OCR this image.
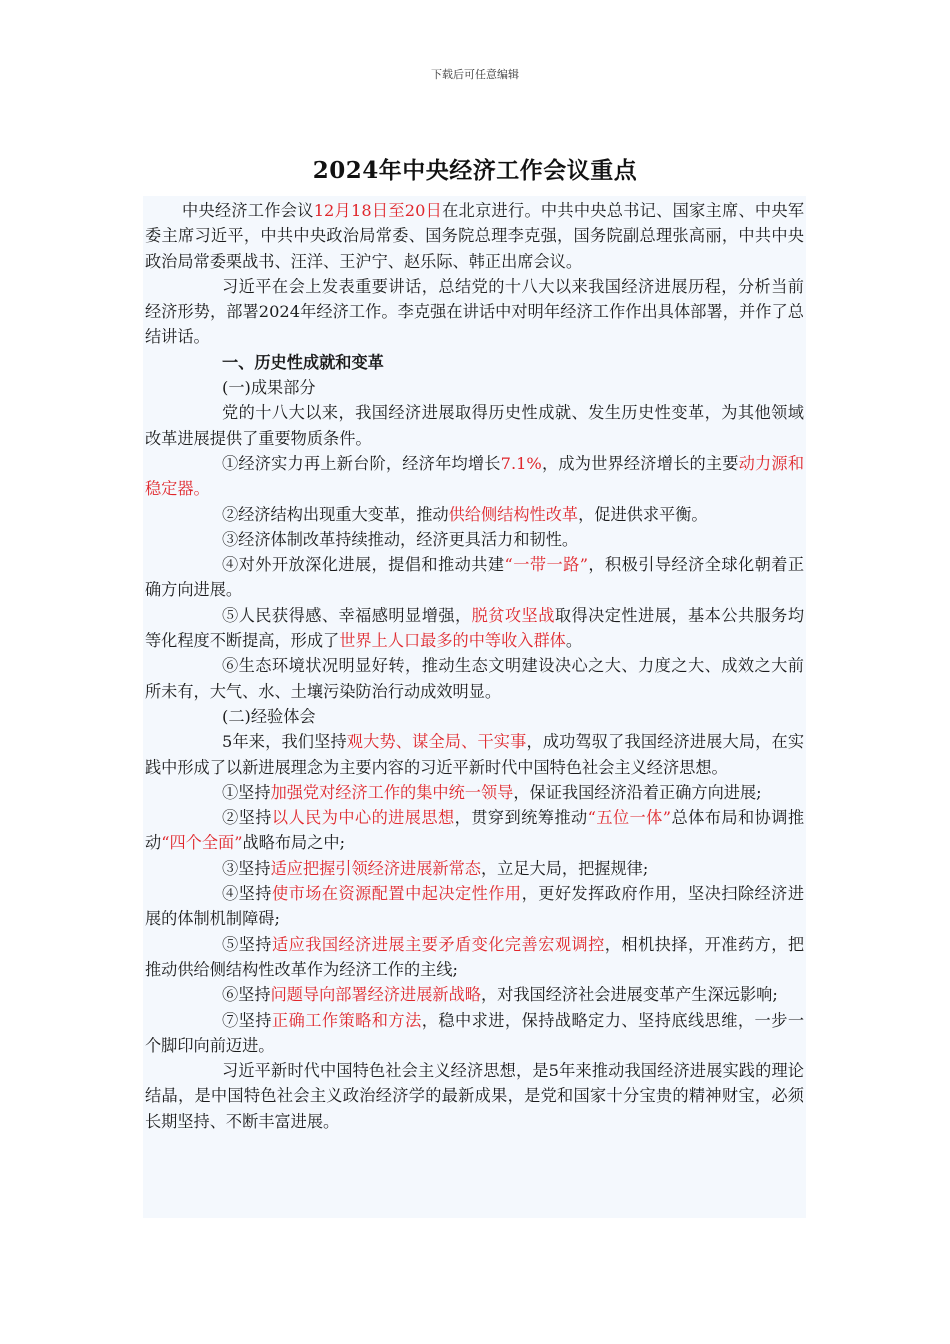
下载后可任意编辑
2024年中央经济工作会议重点

中央经济工作会议12月18日至20日在北京进行。中共中央总书记、国家主席、中央军委主席习近平，中共中央政治局常委、国务院总理李克强，国务院副总理张高丽，中共中央政治局常委栗战书、汪洋、王沪宁、赵乐际、韩正出席会议。

习近平在会上发表重要讲话，总结党的十八大以来我国经济进展历程，分析当前经济形势，部署2024年经济工作。李克强在讲话中对明年经济工作作出具体部署，并作了总结讲话。

一、历史性成就和变革

(一)成果部分

党的十八大以来，我国经济进展取得历史性成就、发生历史性变革，为其他领域改革进展提供了重要物质条件。

①经济实力再上新台阶，经济年均增长7.1%，成为世界经济增长的主要动力源和稳定器。

②经济结构出现重大变革，推动供给侧结构性改革，促进供求平衡。

③经济体制改革持续推动，经济更具活力和韧性。

④对外开放深化进展，提倡和推动共建“一带一路”，积极引导经济全球化朝着正确方向进展。

⑤人民获得感、幸福感明显增强，脱贫攻坚战取得决定性进展，基本公共服务均等化程度不断提高，形成了世界上人口最多的中等收入群体。

⑥生态环境状况明显好转，推动生态文明建设决心之大、力度之大、成效之大前所未有，大气、水、土壤污染防治行动成效明显。

(二)经验体会

5年来，我们坚持观大势、谋全局、干实事，成功驾驭了我国经济进展大局，在实践中形成了以新进展理念为主要内容的习近平新时代中国特色社会主义经济思想。

①坚持加强党对经济工作的集中统一领导，保证我国经济沿着正确方向进展;

②坚持以人民为中心的进展思想，贯穿到统筹推动“五位一体”总体布局和协调推动“四个全面”战略布局之中;

③坚持适应把握引领经济进展新常态，立足大局，把握规律;

④坚持使市场在资源配置中起决定性作用，更好发挥政府作用，坚决扫除经济进展的体制机制障碍;

⑤坚持适应我国经济进展主要矛盾变化完善宏观调控，相机抉择，开准药方，把推动供给侧结构性改革作为经济工作的主线;

⑥坚持问题导向部署经济进展新战略，对我国经济社会进展变革产生深远影响;

⑦坚持正确工作策略和方法，稳中求进，保持战略定力、坚持底线思维，一步一个脚印向前迈进。

习近平新时代中国特色社会主义经济思想，是5年来推动我国经济进展实践的理论结晶，是中国特色社会主义政治经济学的最新成果，是党和国家十分宝贵的精神财宝，必须长期坚持、不断丰富进展。
